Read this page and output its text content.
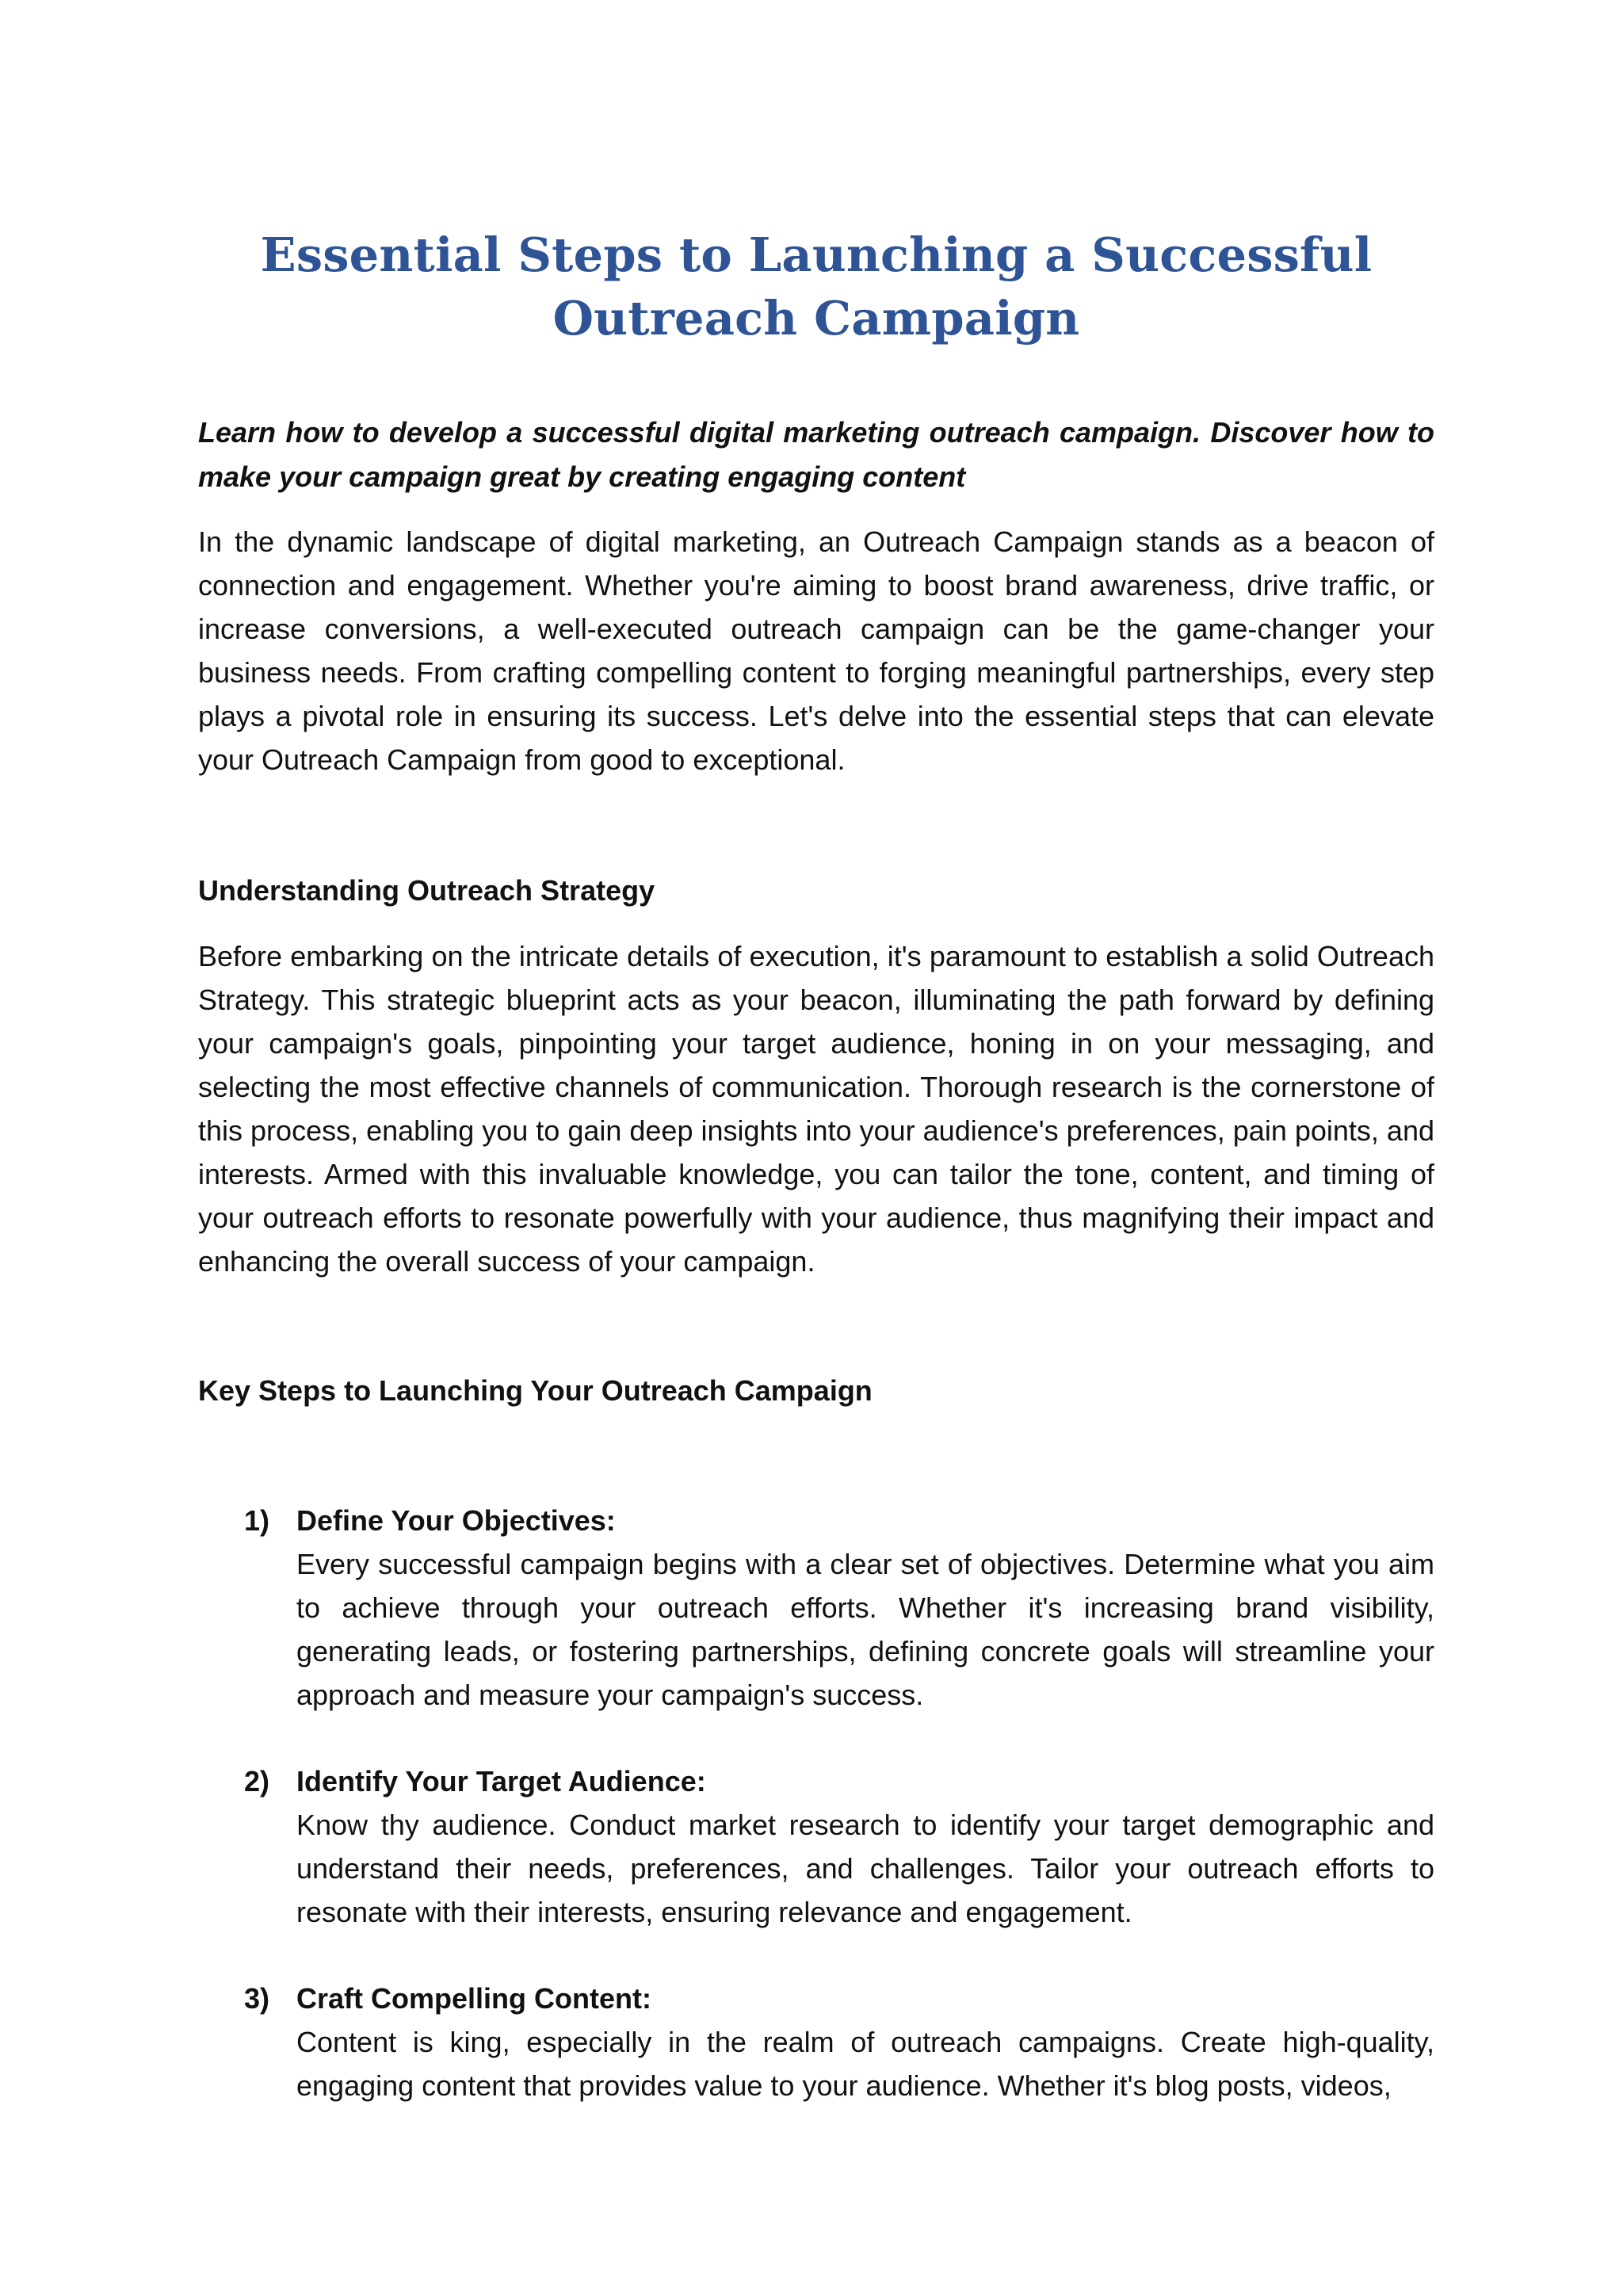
Essential Steps to Launching a Successful Outreach Campaign

Learn how to develop a successful digital marketing outreach campaign. Discover how to make your campaign great by creating engaging content

In the dynamic landscape of digital marketing, an Outreach Campaign stands as a beacon of connection and engagement. Whether you're aiming to boost brand awareness, drive traffic, or increase conversions, a well-executed outreach campaign can be the game-changer your business needs. From crafting compelling content to forging meaningful partnerships, every step plays a pivotal role in ensuring its success. Let's delve into the essential steps that can elevate your Outreach Campaign from good to exceptional.

Understanding Outreach Strategy

Before embarking on the intricate details of execution, it's paramount to establish a solid Outreach Strategy. This strategic blueprint acts as your beacon, illuminating the path forward by defining your campaign's goals, pinpointing your target audience, honing in on your messaging, and selecting the most effective channels of communication. Thorough research is the cornerstone of this process, enabling you to gain deep insights into your audience's preferences, pain points, and interests. Armed with this invaluable knowledge, you can tailor the tone, content, and timing of your outreach efforts to resonate powerfully with your audience, thus magnifying their impact and enhancing the overall success of your campaign.

Key Steps to Launching Your Outreach Campaign
1) Define Your Objectives:

Every successful campaign begins with a clear set of objectives. Determine what you aim to achieve through your outreach efforts. Whether it's increasing brand visibility, generating leads, or fostering partnerships, defining concrete goals will streamline your approach and measure your campaign's success.

2) Identify Your Target Audience:

Know thy audience. Conduct market research to identify your target demographic and understand their needs, preferences, and challenges. Tailor your outreach efforts to resonate with their interests, ensuring relevance and engagement.

3) Craft Compelling Content:

Content is king, especially in the realm of outreach campaigns. Create high-quality, engaging content that provides value to your audience. Whether it's blog posts, videos,
